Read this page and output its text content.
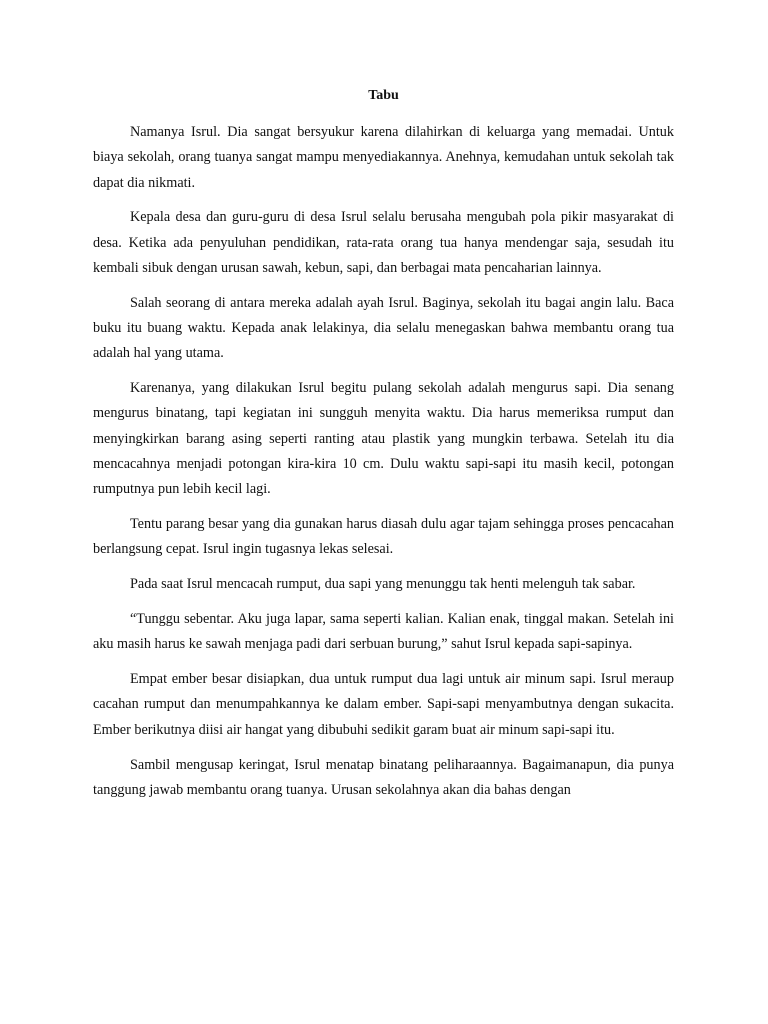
Tabu

Namanya Isrul. Dia sangat bersyukur karena dilahirkan di keluarga yang memadai. Untuk biaya sekolah, orang tuanya sangat mampu menyediakannya. Anehnya, kemudahan untuk sekolah tak dapat dia nikmati.

Kepala desa dan guru-guru di desa Isrul selalu berusaha mengubah pola pikir masyarakat di desa. Ketika ada penyuluhan pendidikan, rata-rata orang tua hanya mendengar saja, sesudah itu kembali sibuk dengan urusan sawah, kebun, sapi, dan berbagai mata pencaharian lainnya.

Salah seorang di antara mereka adalah ayah Isrul. Baginya, sekolah itu bagai angin lalu. Baca buku itu buang waktu. Kepada anak lelakinya, dia selalu menegaskan bahwa membantu orang tua adalah hal yang utama.

Karenanya, yang dilakukan Isrul begitu pulang sekolah adalah mengurus sapi. Dia senang mengurus binatang, tapi kegiatan ini sungguh menyita waktu. Dia harus memeriksa rumput dan menyingkirkan barang asing seperti ranting atau plastik yang mungkin terbawa. Setelah itu dia mencacahnya menjadi potongan kira-kira 10 cm. Dulu waktu sapi-sapi itu masih kecil, potongan rumputnya pun lebih kecil lagi.

Tentu parang besar yang dia gunakan harus diasah dulu agar tajam sehingga proses pencacahan berlangsung cepat. Isrul ingin tugasnya lekas selesai.

Pada saat Isrul mencacah rumput, dua sapi yang menunggu tak henti melenguh tak sabar.

“Tunggu sebentar. Aku juga lapar, sama seperti kalian. Kalian enak, tinggal makan. Setelah ini aku masih harus ke sawah menjaga padi dari serbuan burung,” sahut Isrul kepada sapi-sapinya.

Empat ember besar disiapkan, dua untuk rumput dua lagi untuk air minum sapi. Isrul meraup cacahan rumput dan menumpahkannya ke dalam ember. Sapi-sapi menyambutnya dengan sukacita. Ember berikutnya diisi air hangat yang dibubuhi sedikit garam buat air minum sapi-sapi itu.

Sambil mengusap keringat, Isrul menatap binatang peliharaannya. Bagaimanapun, dia punya tanggung jawab membantu orang tuanya. Urusan sekolahnya akan dia bahas dengan
